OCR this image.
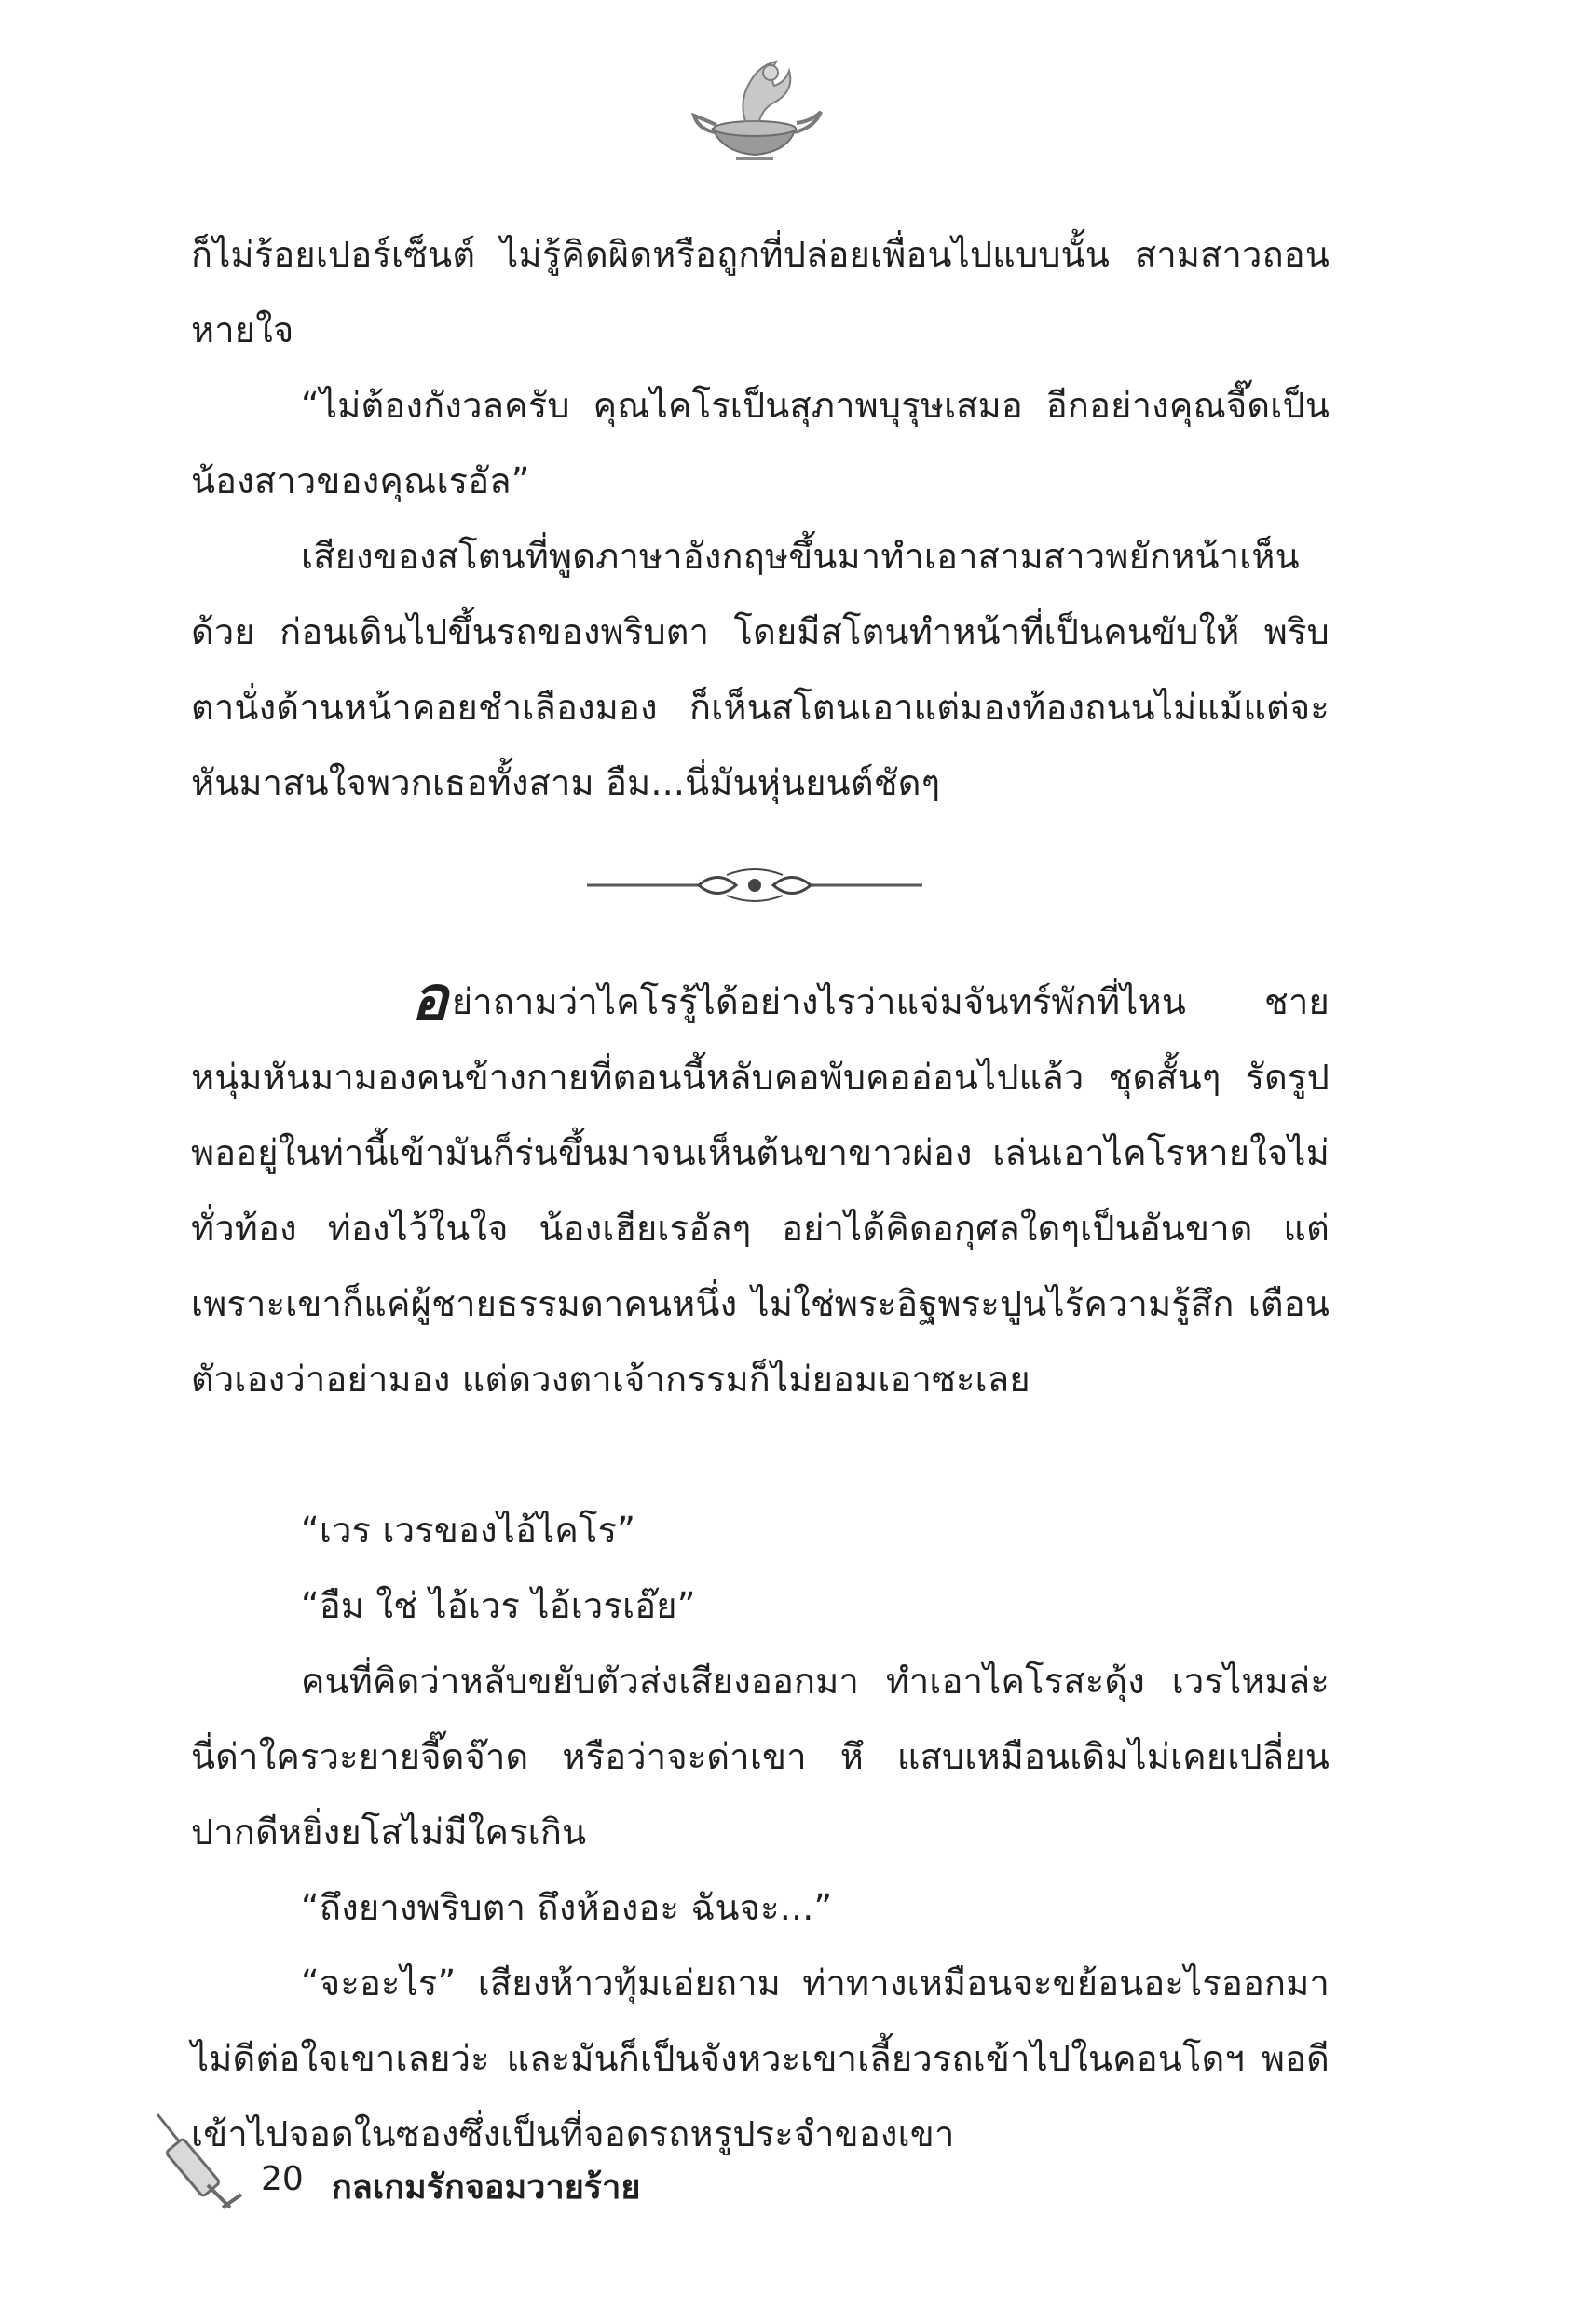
ก็ไม่ร้อยเปอร์เซ็นต์ ไม่รู้คิดผิดหรือถูกที่ปล่อยเพื่อนไปแบบนั้น สามสาวถอนหายใจ

“ไม่ต้องกังวลครับ คุณไคโรเป็นสุภาพบุรุษเสมอ อีกอย่างคุณจี๊ดเป็นน้องสาวของคุณเรอัล”

เสียงของสโตนที่พูดภาษาอังกฤษขึ้นมาทำเอาสามสาวพยักหน้าเห็นด้วย ก่อนเดินไปขึ้นรถของพริบตา โดยมีสโตนทำหน้าที่เป็นคนขับให้ พริบตานั่งด้านหน้าคอยชำเลืองมอง ก็เห็นสโตนเอาแต่มองท้องถนนไม่แม้แต่จะหันมาสนใจพวกเธอทั้งสาม อืม...นี่มันหุ่นยนต์ชัดๆ

อย่าถามว่าไคโรรู้ได้อย่างไรว่าแจ่มจันทร์พักที่ไหน ชายหนุ่มหันมามองคนข้างกายที่ตอนนี้หลับคอพับคออ่อนไปแล้ว ชุดสั้นๆ รัดรูปพออยู่ในท่านี้เข้ามันก็ร่นขึ้นมาจนเห็นต้นขาขาวผ่อง เล่นเอาไคโรหายใจไม่ทั่วท้อง ท่องไว้ในใจ น้องเฮียเรอัลๆ อย่าได้คิดอกุศลใดๆเป็นอันขาด แต่เพราะเขาก็แค่ผู้ชายธรรมดาคนหนึ่ง ไม่ใช่พระอิฐพระปูนไร้ความรู้สึก เตือนตัวเองว่าอย่ามอง แต่ดวงตาเจ้ากรรมก็ไม่ยอมเอาซะเลย

“เวร เวรของไอ้ไคโร”

“อืม ใช่ ไอ้เวร ไอ้เวรเอ๊ย”

คนที่คิดว่าหลับขยับตัวส่งเสียงออกมา ทำเอาไคโรสะดุ้ง เวรไหมล่ะ นี่ด่าใครวะยายจี๊ดจ๊าด หรือว่าจะด่าเขา หึ แสบเหมือนเดิมไม่เคยเปลี่ยน ปากดีหยิ่งยโสไม่มีใครเกิน

“ถึงยางพริบตา ถึงห้องอะ ฉันจะ...”

“จะอะไร” เสียงห้าวทุ้มเอ่ยถาม ท่าทางเหมือนจะขย้อนอะไรออกมาไม่ดีต่อใจเขาเลยว่ะ และมันก็เป็นจังหวะเขาเลี้ยวรถเข้าไปในคอนโดฯ พอดี เข้าไปจอดในซองซึ่งเป็นที่จอดรถหรูประจำของเขา

20 กลเกมรักจอมวายร้าย
